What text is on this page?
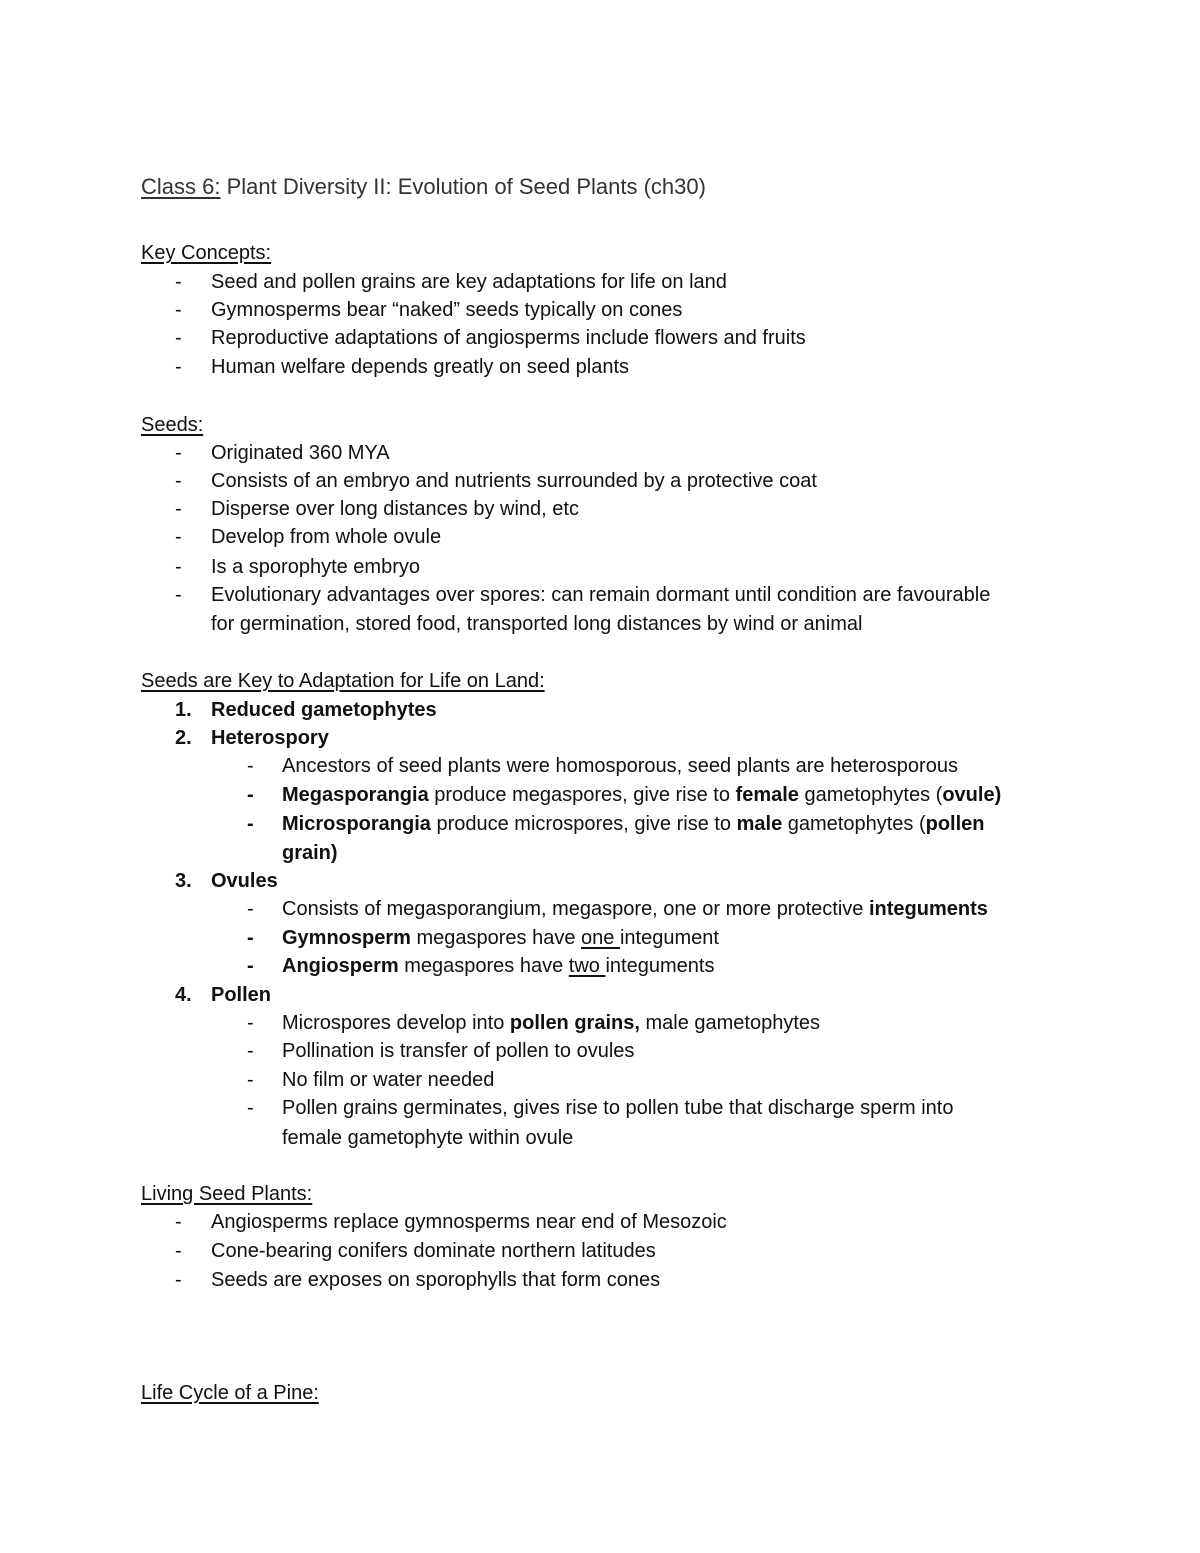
Class 6: Plant Diversity II: Evolution of Seed Plants (ch30)
Key Concepts:
- Seed and pollen grains are key adaptations for life on land
- Gymnosperms bear “naked” seeds typically on cones
- Reproductive adaptations of angiosperms include flowers and fruits
- Human welfare depends greatly on seed plants
Seeds:
- Originated 360 MYA
- Consists of an embryo and nutrients surrounded by a protective coat
- Disperse over long distances by wind, etc
- Develop from whole ovule
- Is a sporophyte embryo
- Evolutionary advantages over spores: can remain dormant until condition are favourable
for germination, stored food, transported long distances by wind or animal
Seeds are Key to Adaptation for Life on Land:
1. Reduced gametophytes
2. Heterospory
- Ancestors of seed plants were homosporous, seed plants are heterosporous
- Megasporangia produce megaspores, give rise to female gametophytes (ovule)
- Microsporangia produce microspores, give rise to male gametophytes (pollen
grain)
3. Ovules
- Consists of megasporangium, megaspore, one or more protective integuments
- Gymnosperm megaspores have one integument
- Angiosperm megaspores have two integuments
4. Pollen
- Microspores develop into pollen grains, male gametophytes
- Pollination is transfer of pollen to ovules
- No film or water needed
- Pollen grains germinates, gives rise to pollen tube that discharge sperm into
female gametophyte within ovule
Living Seed Plants:
- Angiosperms replace gymnosperms near end of Mesozoic
- Cone-bearing conifers dominate northern latitudes
- Seeds are exposes on sporophylls that form cones
Life Cycle of a Pine:
